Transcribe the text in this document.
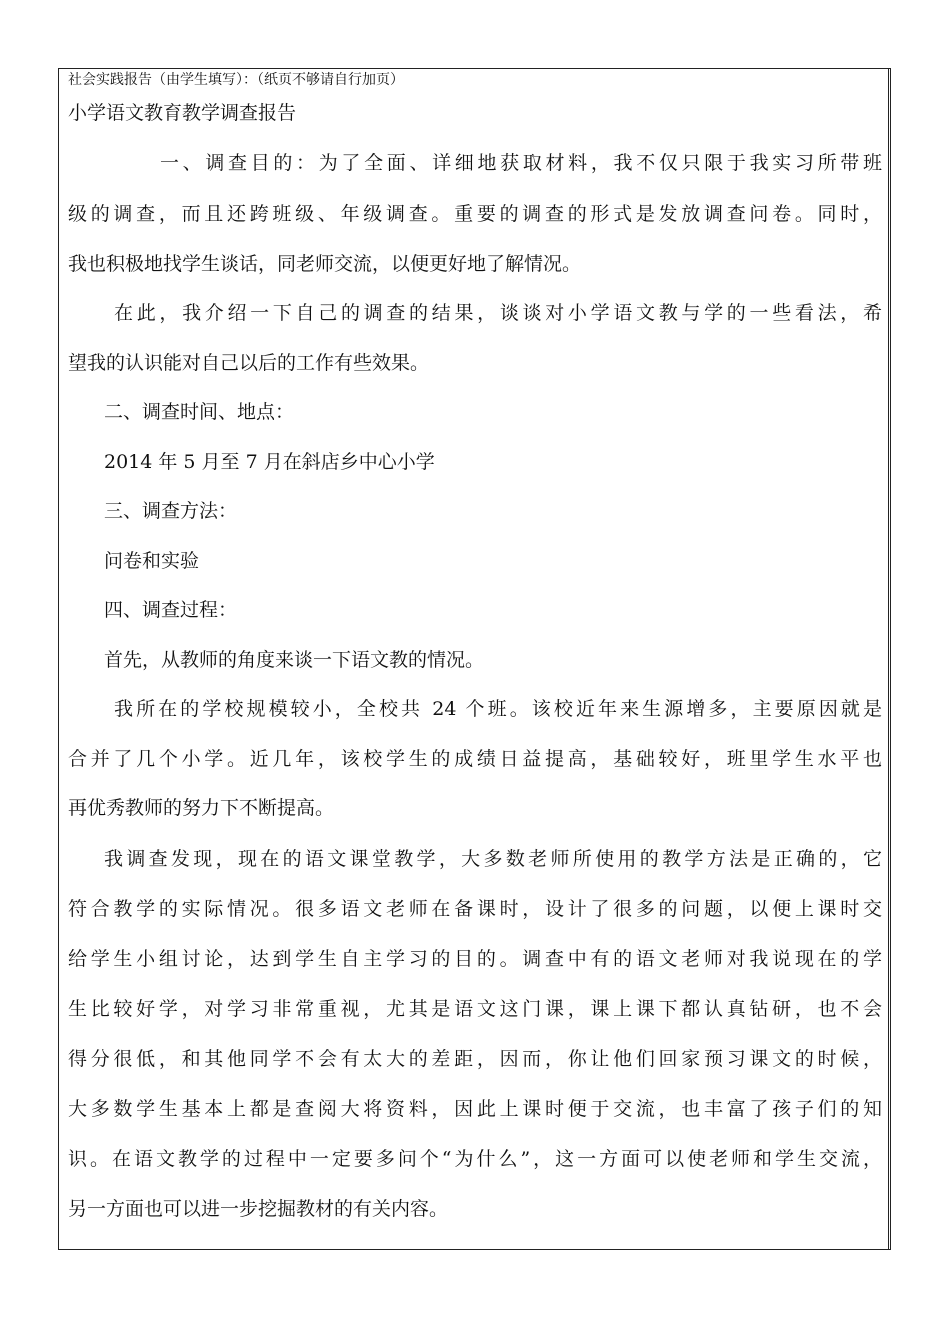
社会实践报告（由学生填写）：（纸页不够请自行加页）
小学语文教育教学调查报告
一、调查目的：为了全面、详细地获取材料，我不仅只限于我实习所带班
级的调查，而且还跨班级、年级调查。重要的调查的形式是发放调查问卷。同时，
我也积极地找学生谈话，同老师交流，以便更好地了解情况。
在此，我介绍一下自己的调查的结果，谈谈对小学语文教与学的一些看法，希
望我的认识能对自己以后的工作有些效果。
二、调查时间、地点：
2014 年 5 月至 7 月在斜店乡中心小学
三、调查方法：
问卷和实验
四、调查过程：
首先，从教师的角度来谈一下语文教的情况。
我所在的学校规模较小，全校共 24 个班。该校近年来生源增多，主要原因就是
合并了几个小学。近几年，该校学生的成绩日益提高，基础较好，班里学生水平也
再优秀教师的努力下不断提高。
我调查发现，现在的语文课堂教学，大多数老师所使用的教学方法是正确的，它
符合教学的实际情况。很多语文老师在备课时，设计了很多的问题，以便上课时交
给学生小组讨论，达到学生自主学习的目的。调查中有的语文老师对我说现在的学
生比较好学，对学习非常重视，尤其是语文这门课，课上课下都认真钻研，也不会
得分很低，和其他同学不会有太大的差距，因而，你让他们回家预习课文的时候，
大多数学生基本上都是查阅大将资料，因此上课时便于交流，也丰富了孩子们的知
识。在语文教学的过程中一定要多问个“为什么”，这一方面可以使老师和学生交流，
另一方面也可以进一步挖掘教材的有关内容。
